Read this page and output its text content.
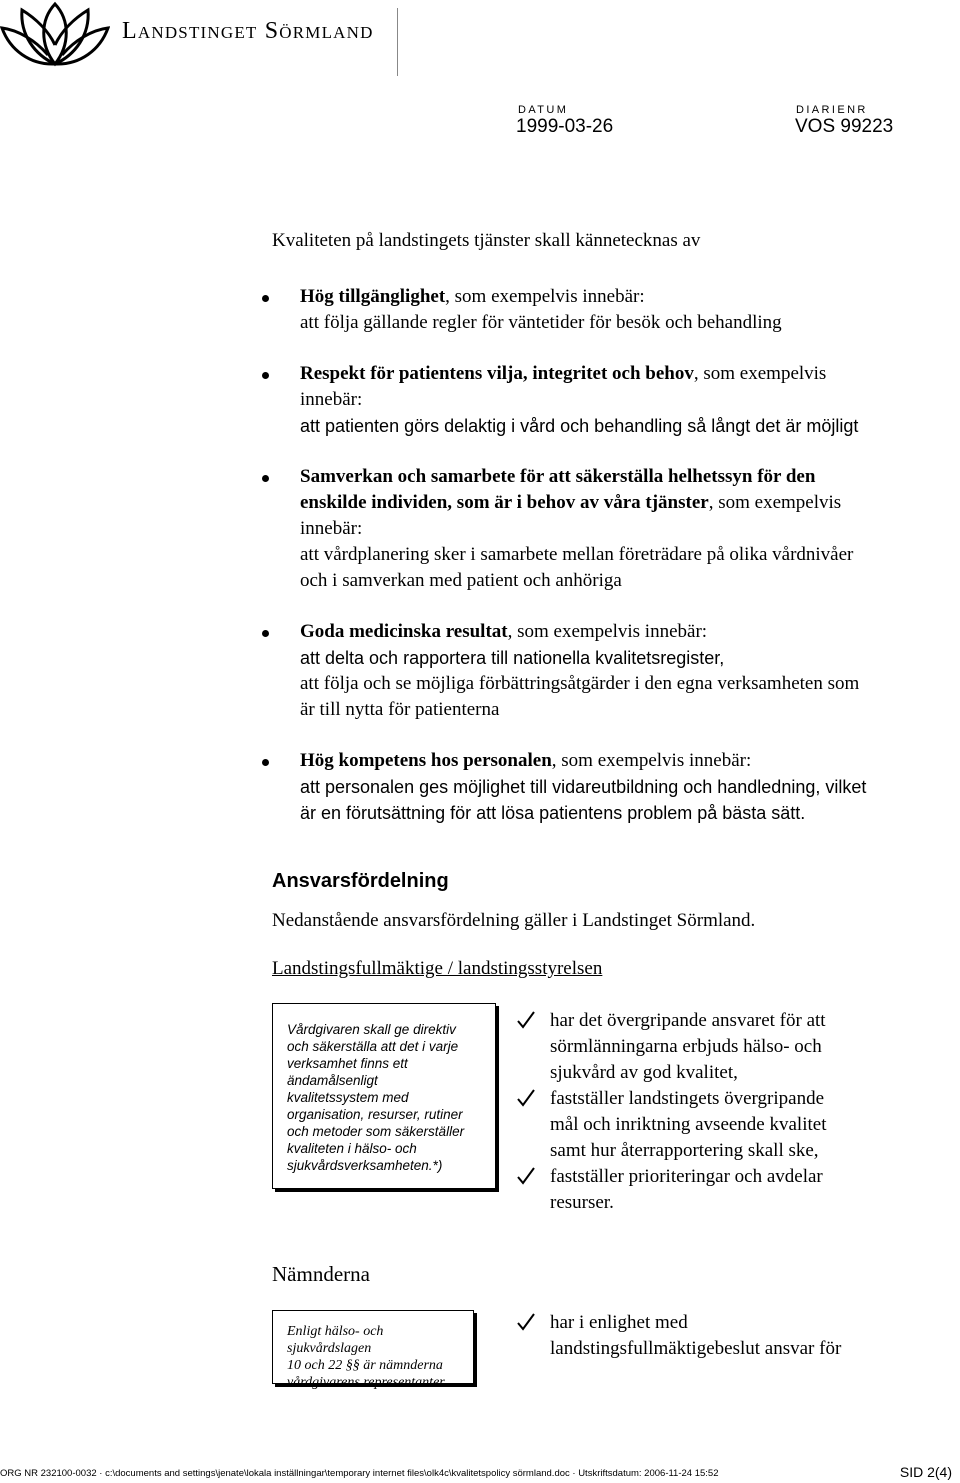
Landstinget Sörmland
DATUM
1999-03-26
DIARIENR
VOS 99223
Kvaliteten på landstingets tjänster skall kännetecknas av
Hög tillgänglighet, som exempelvis innebär:
att följa gällande regler för väntetider för besök och behandling
Respekt för patientens vilja, integritet och behov, som exempelvis
innebär:
att patienten görs delaktig i vård och behandling så långt det är möjligt
Samverkan och samarbete för att säkerställa helhetssyn för den
enskilde individen, som är i behov av våra tjänster, som exempelvis
innebär:
att vårdplanering sker i samarbete mellan företrädare på olika vårdnivåer
och i samverkan med patient och anhöriga
Goda medicinska resultat, som exempelvis innebär:
att delta och rapportera till nationella kvalitetsregister,
att följa och se möjliga förbättringsåtgärder i den egna verksamheten som
är till nytta för patienterna
Hög kompetens hos personalen, som exempelvis innebär:
att personalen ges möjlighet till vidareutbildning och handledning, vilket
är en förutsättning för att lösa patientens problem på bästa sätt.
Ansvarsfördelning
Nedanstående ansvarsfördelning gäller i Landstinget Sörmland.
Landstingsfullmäktige / landstingsstyrelsen
Vårdgivaren skall ge direktiv
och säkerställa att det i varje
verksamhet finns ett
ändamålsenligt
kvalitetssystem med
organisation, resurser, rutiner
och metoder som säkerställer
kvaliteten i hälso- och
sjukvårdsverksamheten.*)
har det övergripande ansvaret för att
sörmlänningarna erbjuds hälso- och
sjukvård av god kvalitet,
fastställer landstingets övergripande
mål och inriktning avseende kvalitet
samt hur återrapportering skall ske,
fastställer prioriteringar och avdelar
resurser.
Nämnderna
Enligt hälso- och sjukvårdslagen
10 och 22 §§ är nämnderna
vårdgivarens representanter.
har i enlighet med
landstingsfullmäktigebeslut ansvar för
ORG NR 232100-0032 · c:\documents and settings\jenate\lokala inställningar\temporary internet files\olk4c\kvalitetspolicy sörmland.doc · Utskriftsdatum: 2006-11-24 15:52	SID 2(4)
